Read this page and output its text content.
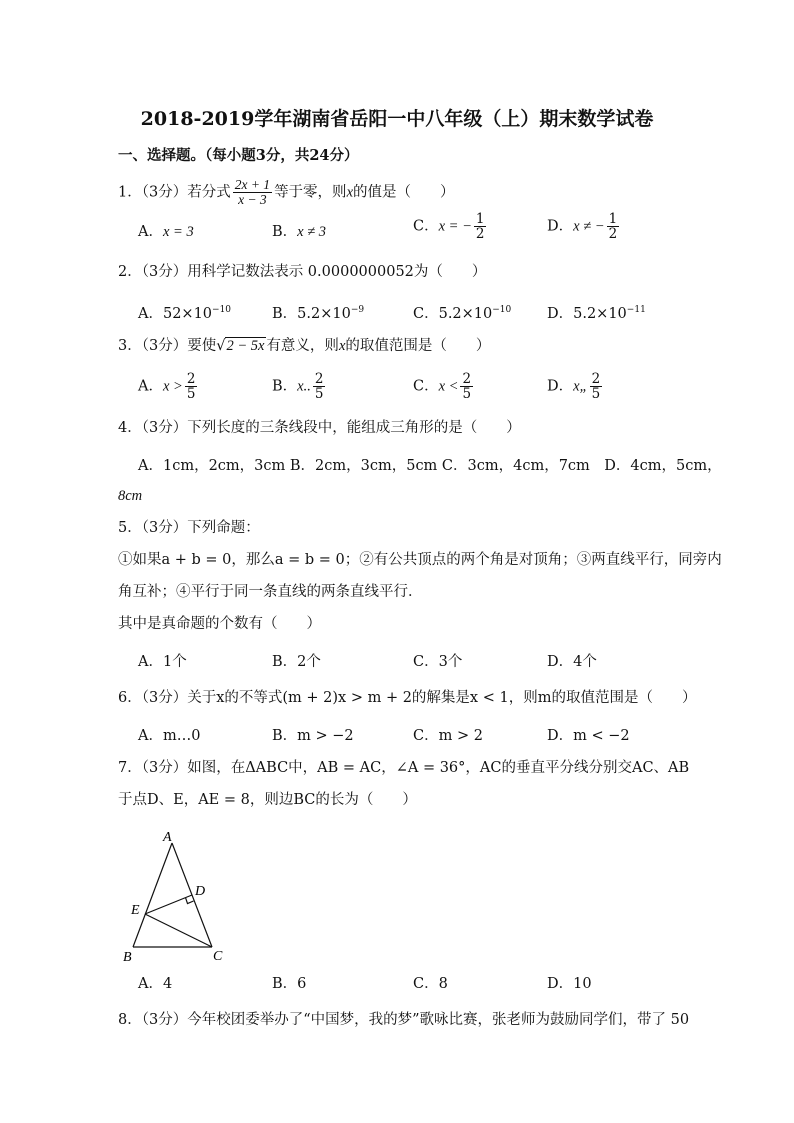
2018-2019学年湖南省岳阳一中八年级（上）期末数学试卷
一、选择题。（每小题3分，共24分）
1．（3分）若分式 $\frac{2x + 1}{x - 3}$ 等于零，则x的值是（　　）
A．x = 3	B．x ≠ 3	C．x = − $\frac{1}{2}$	D．x ≠ − $\frac{1}{2}$
2．（3分）用科学记数法表示 0.0000000052为（　　）
A．$52\times 10^{-10}$	B．$5.2\times 10^{-9}$	C．$5.2\times 10^{-10}$ D．$5.2\times 10^{-11}$
3．（3分）要使√2 − 5x 有意义，则x的取值范围是（　　）
A．$x > \frac{2}{5}$	B．x.. $\frac{2}{5}$	C．$x < \frac{2}{5}$	D．x„ $\frac{2}{5}$
4．（3分）下列长度的三条线段中，能组成三角形的是（　　）
A．1cm，2cm，3cm B．2cm，3cm，5cm C．3cm，4cm，7cm　D．4cm，5cm，
8cm
5．（3分）下列命题：
①如果a + b = 0，那么a = b = 0；②有公共顶点的两个角是对顶角；③两直线平行，同旁内
角互补；④平行于同一条直线的两条直线平行．
其中是真命题的个数有（　　）
A．1个	B．2个	C．3个	D．4个
6．（3分）关于x的不等式(m + 2)x > m + 2的解集是x < 1，则m的取值范围是（　　）
A．m…0	B．m > −2	C．m > 2	D．m < −2
7．（3分）如图，在ΔABC中，AB = AC，∠A = 36°，AC的垂直平分线分别交AC、AB
于点D、E，AE = 8，则边BC的长为（　　）
A
B	C
D
E
A．4	B．6	C．8	D．10
8．（3分）今年校团委举办了“中国梦，我的梦”歌咏比赛，张老师为鼓励同学们，带了 50
